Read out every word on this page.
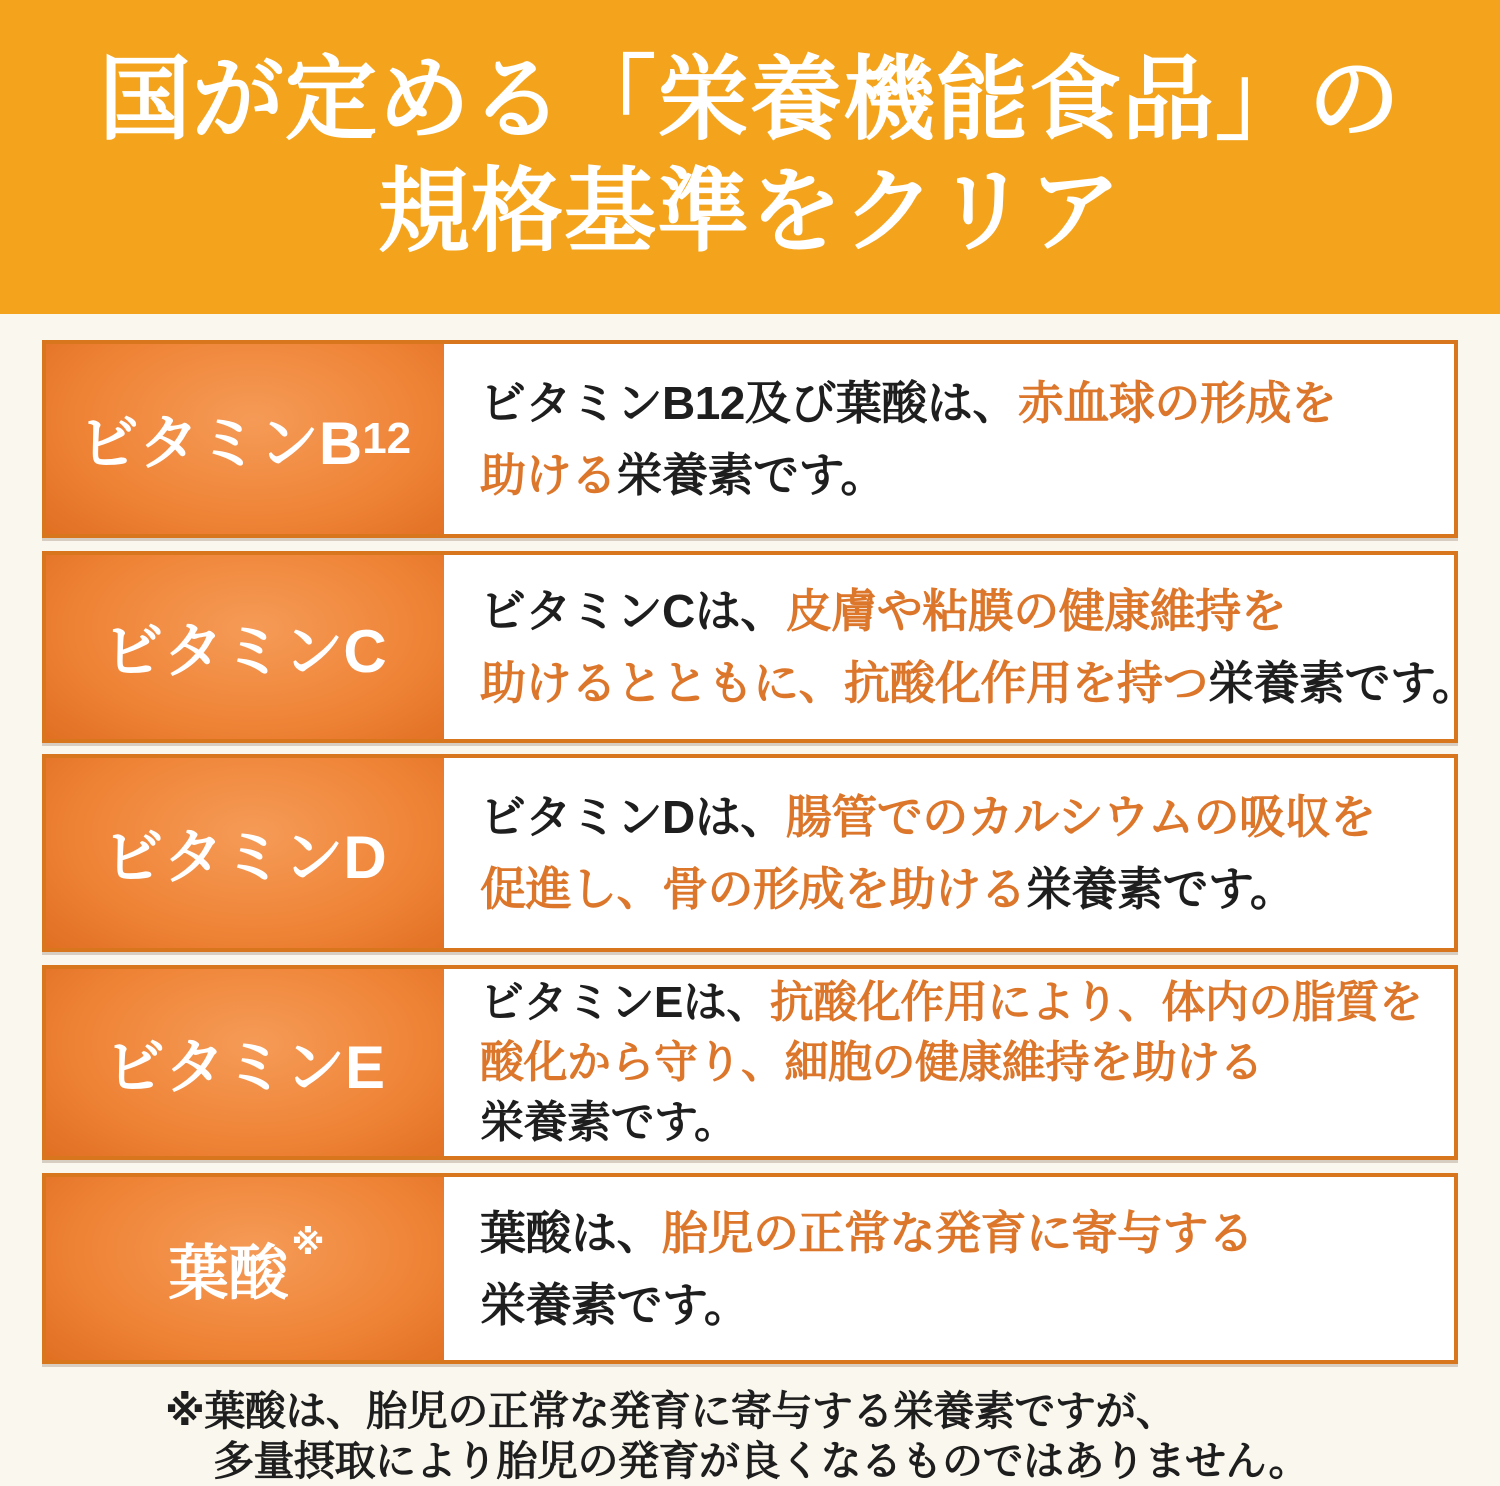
国が定める「栄養機能食品」の
規格基準をクリア
ビタミンB 12
ビタミンB12及び葉酸は、赤血球の形成を
助ける栄養素です。
ビタミンC
ビタミンCは、皮膚や粘膜の健康維持を
助けるとともに、抗酸化作用を持つ栄養素です。
ビタミンD
ビタミンDは、腸管でのカルシウムの吸収を
促進し、骨の形成を助ける栄養素です。
ビタミンE
ビタミンEは、抗酸化作用により、体内の脂質を
酸化から守り、細胞の健康維持を助ける
栄養素です。
葉酸 ※	葉酸は、胎児の正常な発育に寄与する
栄養素です。
※葉酸は、胎児の正常な発育に寄与する栄養素ですが、
多量摂取により胎児の発育が良くなるものではありません。
